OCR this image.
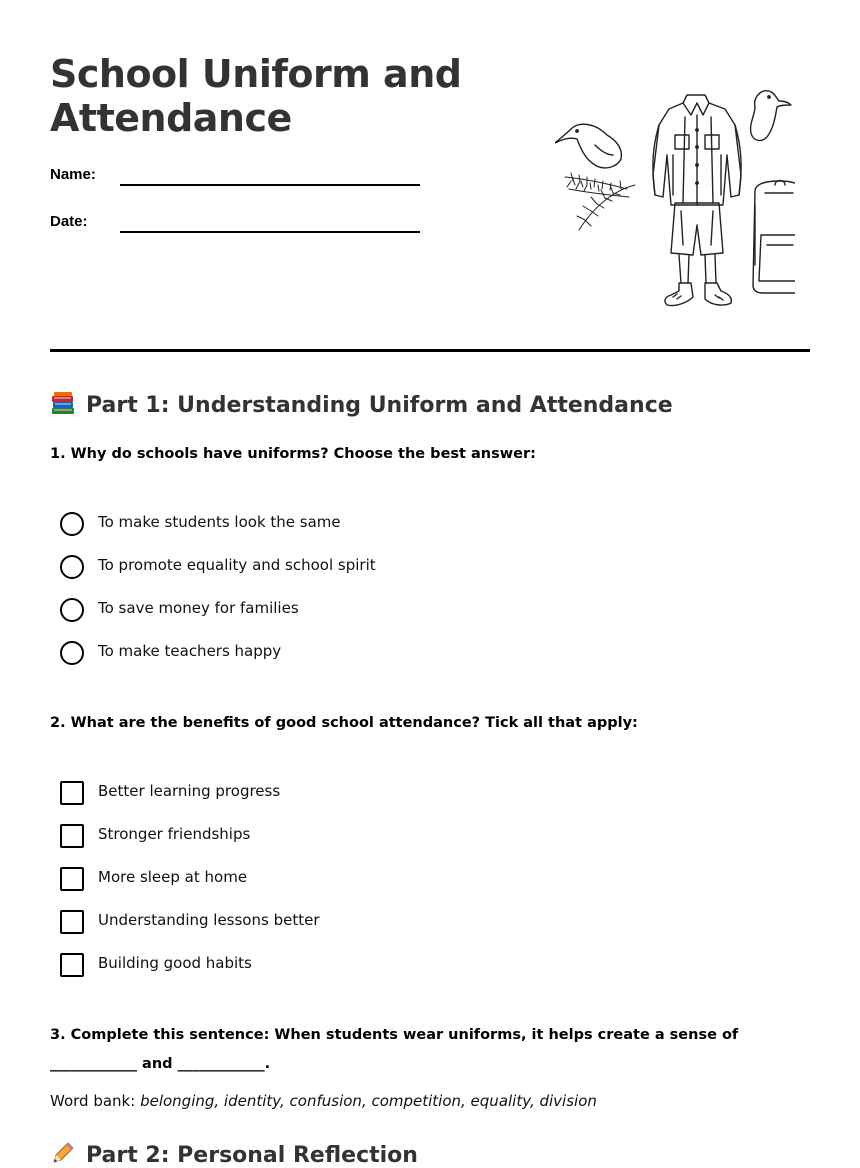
School Uniform and Attendance
Name:
Date:
Part 1: Understanding Uniform and Attendance
1. Why do schools have uniforms? Choose the best answer:
To make students look the same
To promote equality and school spirit
To save money for families
To make teachers happy
2. What are the benefits of good school attendance? Tick all that apply:
Better learning progress
Stronger friendships
More sleep at home
Understanding lessons better
Building good habits
3. Complete this sentence: When students wear uniforms, it helps create a sense of ____________ and ____________.
Word bank: belonging, identity, confusion, competition, equality, division
Part 2: Personal Reflection
